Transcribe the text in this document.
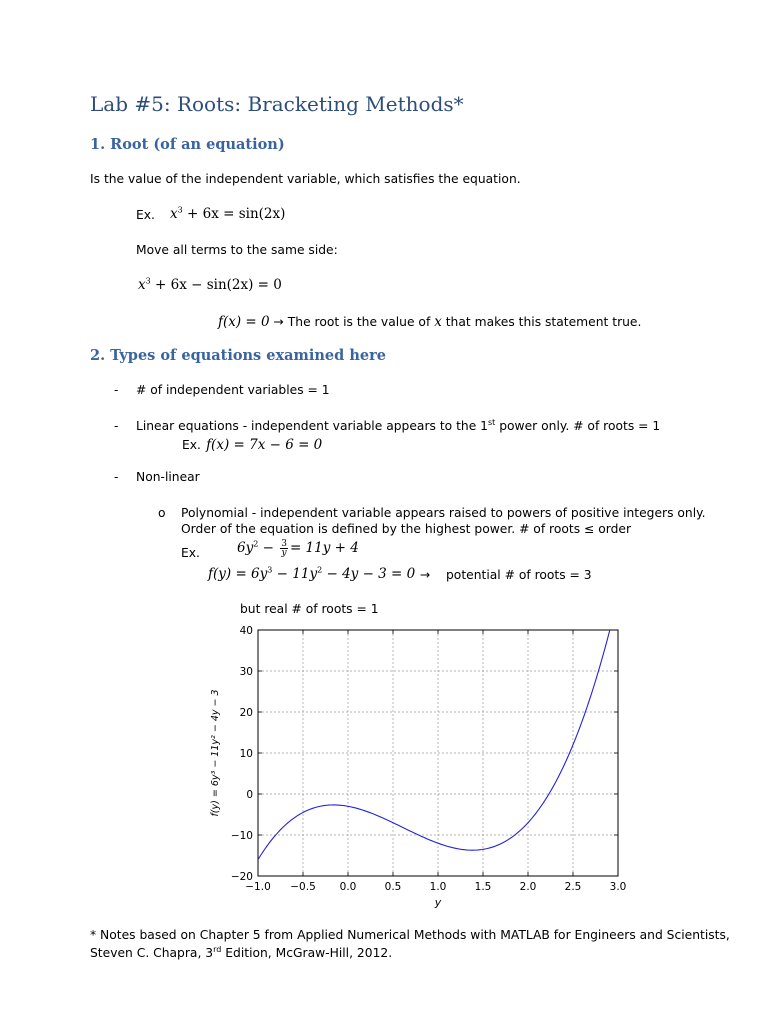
Lab #5: Roots: Bracketing Methods*
1. Root (of an equation)
Is the value of the independent variable, which satisfies the equation.
Ex. $x^3 + 6x = \sin(2x)$
Move all terms to the same side:
$x^3 + 6x - \sin(2x) = 0$
f(x) = 0 → The root is the value of x that makes this statement true.
2. Types of equations examined here
- # of independent variables = 1
- Linear equations - independent variable appears to the 1st power only. # of roots = 1
Ex. f(x) = 7x − 6 = 0
- Non-linear
o Polynomial - independent variable appears raised to powers of positive integers only.
Order of the equation is defined by the highest power. # of roots ≤ order
Ex.	$6y^2 - \frac{3}{y} = 11y + 4$
$f(y) = 6y^3 - 11y^2 - 4y - 3 = 0$ → potential # of roots = 3
but real # of roots = 1
−1.0 −0.5 0.0	0.5	1.0	1.5	2.0	2.5	3.0
−20
−10
0
10
20
30
40
y
f(y) = 6y³ − 11y² − 4y − 3
* Notes based on Chapter 5 from Applied Numerical Methods with MATLAB for Engineers and Scientists,
Steven C. Chapra, 3rd Edition, McGraw-Hill, 2012.
